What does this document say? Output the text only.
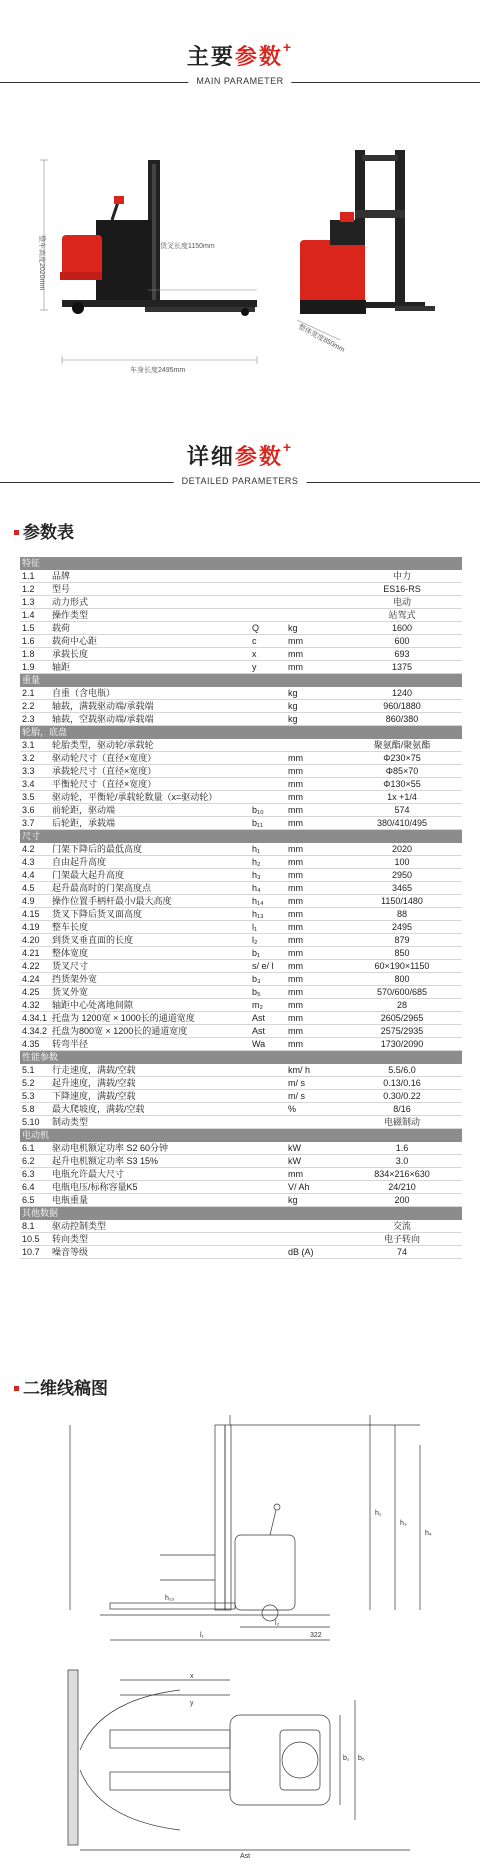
主要参数+
MAIN PARAMETER
整车高度2020mm	货叉长度1150mm
车身长度2495mm
整体宽度850mm
详细参数+
DETAILED PARAMETERS
参数表
特征				
1.1	品牌			中力
1.2	型号			ES16-RS
1.3	动力形式			电动
1.4	操作类型			站驾式
1.5	载荷	Q	kg	1600
1.6	载荷中心距	c	mm	600
1.8	承载长度	x	mm	693
1.9	轴距	y	mm	1375
重量				
2.1	自重（含电瓶）		kg	1240
2.2	轴载，满载驱动端/承载端		kg	960/1880
2.3	轴载，空载驱动端/承载端		kg	860/380
轮胎，底盘				
3.1	轮胎类型，驱动轮/承载轮			聚氨酯/聚氨酯
3.2	驱动轮尺寸（直径×宽度）		mm	Φ230×75
3.3	承载轮尺寸（直径×宽度）		mm	Φ85×70
3.4	平衡轮尺寸（直径×宽度）		mm	Φ130×55
3.5	驱动轮，平衡轮/承载轮数量（x=驱动轮）		mm	1x +1/4
3.6	前轮距，驱动端	b₁₀	mm	574
3.7	后轮距，承载端	b₁₁	mm	380/410/495
尺寸				
4.2	门架下降后的最低高度	h₁	mm	2020
4.3	自由起升高度	h₂	mm	100
4.4	门架最大起升高度	h₃	mm	2950
4.5	起升最高时的门架高度点	h₄	mm	3465
4.9	操作位置手柄杆最小/最大高度	h₁₄	mm	1150/1480
4.15	货叉下降后货叉面高度	h₁₃	mm	88
4.19	整车长度	l₁	mm	2495
4.20	到货叉垂直面的长度	l₂	mm	879
4.21	整体宽度	b₁	mm	850
4.22	货叉尺寸	s/ e/ l	mm	60×190×1150
4.24	挡货架外宽	b₃	mm	800
4.25	货叉外宽	b₅	mm	570/600/685
4.32	轴距中心处离地间隙	m₂	mm	28
4.34.1	托盘为 1200宽 × 1000长的通道宽度	Ast	mm	2605/2965
4.34.2	托盘为800宽 × 1200长的通道宽度	Ast	mm	2575/2935
4.35	转弯半径	Wa	mm	1730/2090
性能参数				
5.1	行走速度，满载/空载		km/ h	5.5/6.0
5.2	起升速度，满载/空载		m/ s	0.13/0.16
5.3	下降速度，满载/空载		m/ s	0.30/0.22
5.8	最大爬坡度，满载/空载		%	8/16
5.10	制动类型			电磁制动
电动机				
6.1	驱动电机额定功率 S2 60分钟		kW	1.6
6.2	起升电机额定功率 S3 15%		kW	3.0
6.3	电瓶允许最大尺寸		mm	834×216×630
6.4	电瓶电压/标称容量K5		V/ Ah	24/210
6.5	电瓶重量		kg	200
其他数据				
8.1	驱动控制类型			交流
10.5	转向类型			电子转向
10.7	噪音等级		dB (A)	74
二维线稿图
l₁
l₂
322
h₁
h₃
h₄
h₁₃
x
y
b₁ b₅
Ast
